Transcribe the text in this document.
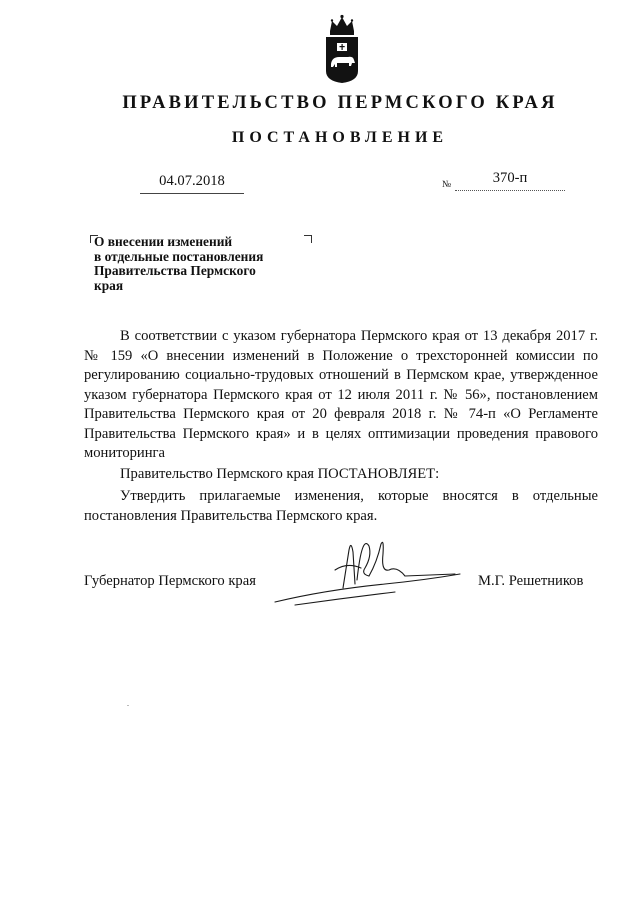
ПРАВИТЕЛЬСТВО ПЕРМСКОГО КРАЯ
ПОСТАНОВЛЕНИЕ
04.07.2018	№	370-п
О внесении изменений
в отдельные постановления
Правительства Пермского
края
В соответствии с указом губернатора Пермского края от 13 декабря 2017 г. № 159 «О внесении изменений в Положение о трехсторонней комиссии по регулированию социально-трудовых отношений в Пермском крае, утвержденное указом губернатора Пермского края от 12 июля 2011 г. № 56», постановлением Правительства Пермского края от 20 февраля 2018 г. № 74-п «О Регламенте Правительства Пермского края» и в целях оптимизации проведения правового мониторинга
Правительство Пермского края ПОСТАНОВЛЯЕТ:
Утвердить прилагаемые изменения, которые вносятся в отдельные постановления Правительства Пермского края.
Губернатор Пермского края	М.Г. Решетников
